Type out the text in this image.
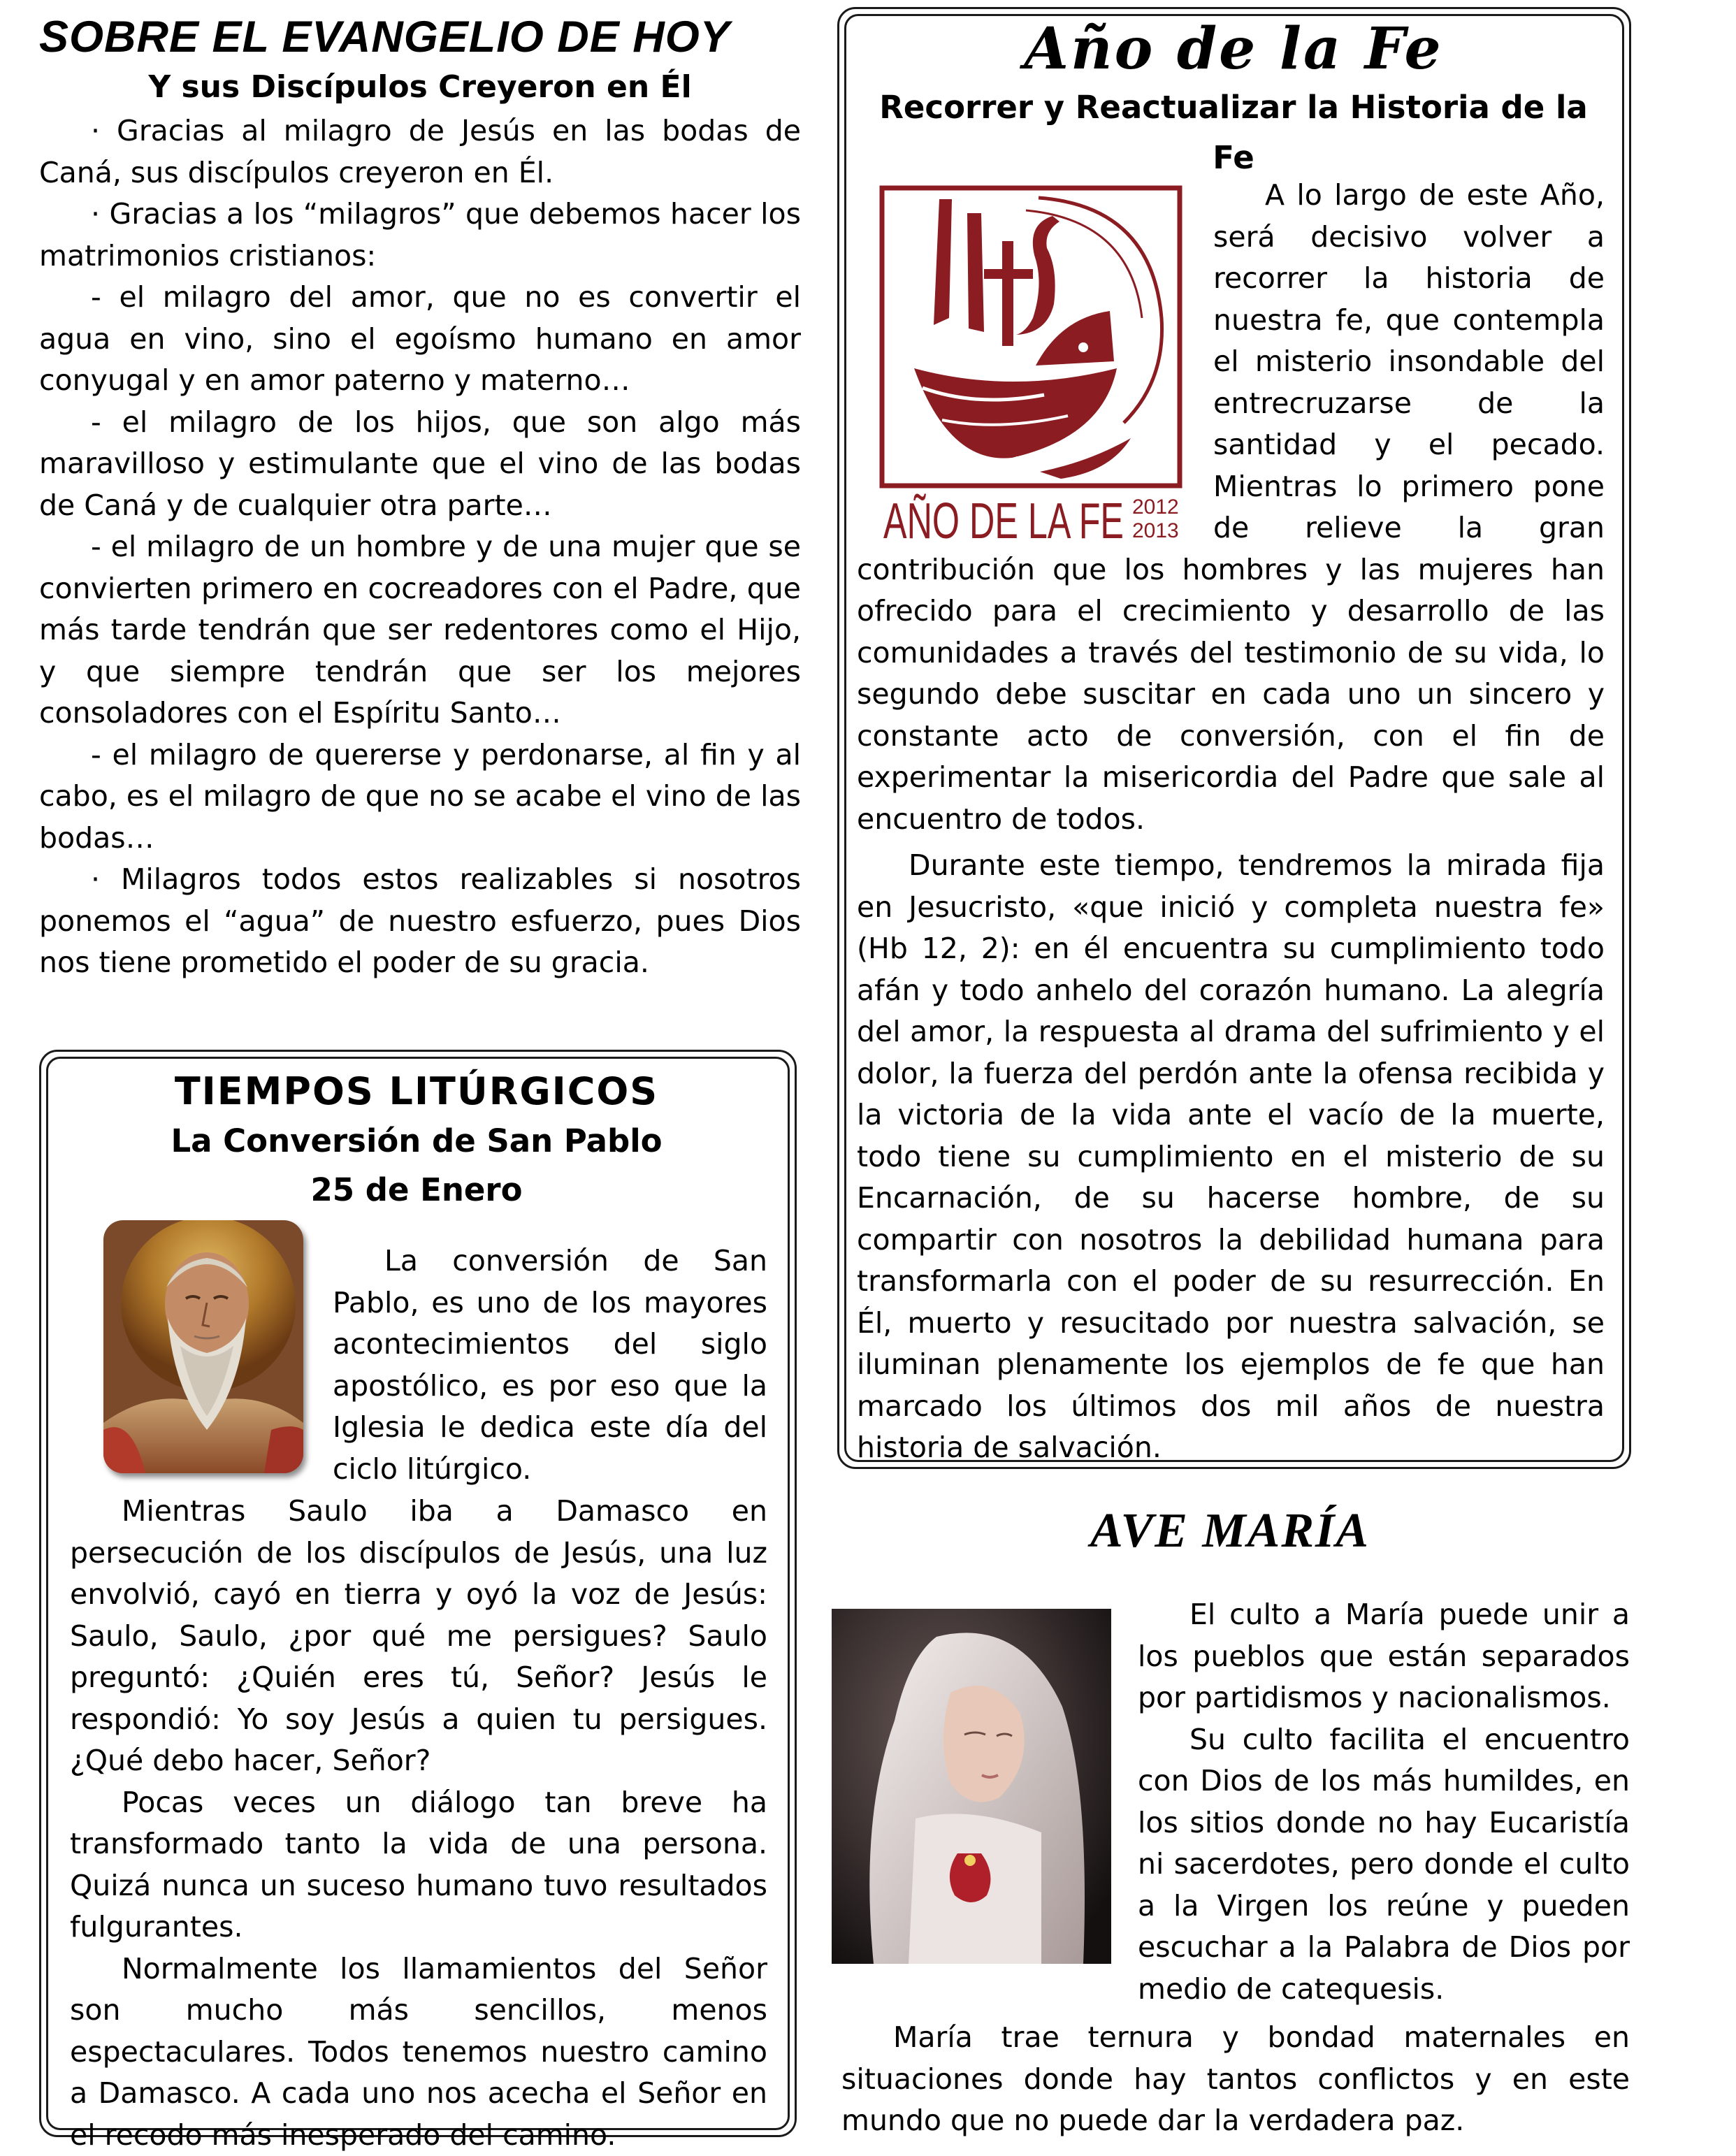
SOBRE EL EVANGELIO DE HOY
Y sus Discípulos Creyeron en Él

· Gracias al milagro de Jesús en las bodas de Caná, sus discípulos creyeron en Él.

· Gracias a los “milagros” que debemos hacer los matrimonios cristianos:

- el milagro del amor, que no es convertir el agua en vino, sino el egoísmo humano en amor conyugal y en amor paterno y materno…

- el milagro de los hijos, que son algo más maravilloso y estimulante que el vino de las bodas de Caná y de cualquier otra parte…

- el milagro de un hombre y de una mujer que se convierten primero en cocreadores con el Padre, que más tarde tendrán que ser redentores como el Hijo, y que siempre tendrán que ser los mejores consoladores con el Espíritu Santo…

- el milagro de quererse y perdonarse, al fin y al cabo, es el milagro de que no se acabe el vino de las bodas…

· Milagros todos estos realizables si nosotros ponemos el “agua” de nuestro esfuerzo, pues Dios nos tiene prometido el poder de su gracia.

TIEMPOS LITÚRGICOS
La Conversión de San Pablo
25 de Enero

La conversión de San Pablo, es uno de los mayores acontecimientos del siglo apostólico, es por eso que la Iglesia le dedica este día del ciclo litúrgico.

Mientras Saulo iba a Damasco en persecución de los discípulos de Jesús, una luz envolvió, cayó en tierra y oyó la voz de Jesús: Saulo, Saulo, ¿por qué me persigues? Saulo preguntó: ¿Quién eres tú, Señor? Jesús le respondió: Yo soy Jesús a quien tu persigues. ¿Qué debo hacer, Señor?

Pocas veces un diálogo tan breve ha transformado tanto la vida de una persona. Quizá nunca un suceso humano tuvo resultados fulgurantes.

Normalmente los llamamientos del Señor son mucho más sencillos, menos espectaculares. Todos tenemos nuestro camino a Damasco. A cada uno nos acecha el Señor en el recodo más inesperado del camino.

Año de la Fe
Recorrer y Reactualizar la Historia de la Fe
AÑO DE LA FE 2012
2013

A lo largo de este Año, será decisivo volver a recorrer la historia de nuestra fe, que contempla el misterio insondable del entrecruzarse de la santidad y el pecado. Mientras lo primero pone de relieve la gran contribución que los hombres y las mujeres han ofrecido para el crecimiento y desarrollo de las comunidades a través del testimonio de su vida, lo segundo debe suscitar en cada uno un sincero y constante acto de conversión, con el fin de experimentar la misericordia del Padre que sale al encuentro de todos.

Durante este tiempo, tendremos la mirada fija en Jesucristo, «que inició y completa nuestra fe» (Hb 12, 2): en él encuentra su cumplimiento todo afán y todo anhelo del corazón humano. La alegría del amor, la respuesta al drama del sufrimiento y el dolor, la fuerza del perdón ante la ofensa recibida y la victoria de la vida ante el vacío de la muerte, todo tiene su cumplimiento en el misterio de su Encarnación, de su hacerse hombre, de su compartir con nosotros la debilidad humana para transformarla con el poder de su resurrección. En Él, muerto y resucitado por nuestra salvación, se iluminan plenamente los ejemplos de fe que han marcado los últimos dos mil años de nuestra historia de salvación.

AVE MARÍA

El culto a María puede unir a los pueblos que están separados por partidismos y nacionalismos.

Su culto facilita el encuentro con Dios de los más humildes, en los sitios donde no hay Eucaristía ni sacerdotes, pero donde el culto a la Virgen los reúne y pueden escuchar a la Palabra de Dios por medio de catequesis.

María trae ternura y bondad maternales en situaciones donde hay tantos conflictos y en este mundo que no puede dar la verdadera paz.
